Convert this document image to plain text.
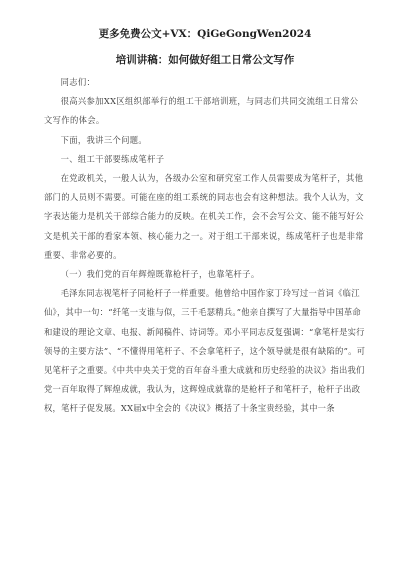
更多免费公文+VX：QiGeGongWen2024
培训讲稿：如何做好组工日常公文写作

同志们：

很高兴参加XX区组织部举行的组工干部培训班，与同志们共同交流组工日常公文写作的体会。

下面，我讲三个问题。

一、组工干部要练成笔杆子

在党政机关，一般人认为，各级办公室和研究室工作人员需要成为笔杆子，其他部门的人员则不需要。可能在座的组工系统的同志也会有这种想法。我个人认为，文字表达能力是机关干部综合能力的反映。在机关工作，会不会写公文、能不能写好公文是机关干部的看家本领、核心能力之一。对于组工干部来说，练成笔杆子也是非常重要、非常必要的。

（一）我们党的百年辉煌既靠枪杆子，也靠笔杆子。

毛泽东同志视笔杆子同枪杆子一样重要。他曾给中国作家丁玲写过一首词《临江仙》，其中一句：“纤笔一支谁与似，三千毛瑟精兵。”他亲自撰写了大量指导中国革命和建设的理论文章、电报、新闻稿件、诗词等。邓小平同志反复强调：“拿笔杆是实行领导的主要方法”、“不懂得用笔杆子、不会拿笔杆子，这个领导就是很有缺陷的”。可见笔杆子之重要。《中共中央关于党的百年奋斗重大成就和历史经验的决议》指出我们党一百年取得了辉煌成就，我认为，这辉煌成就靠的是枪杆子和笔杆子，枪杆子出政权，笔杆子促发展。XX届x中全会的《决议》概括了十条宝贵经验，其中一条
